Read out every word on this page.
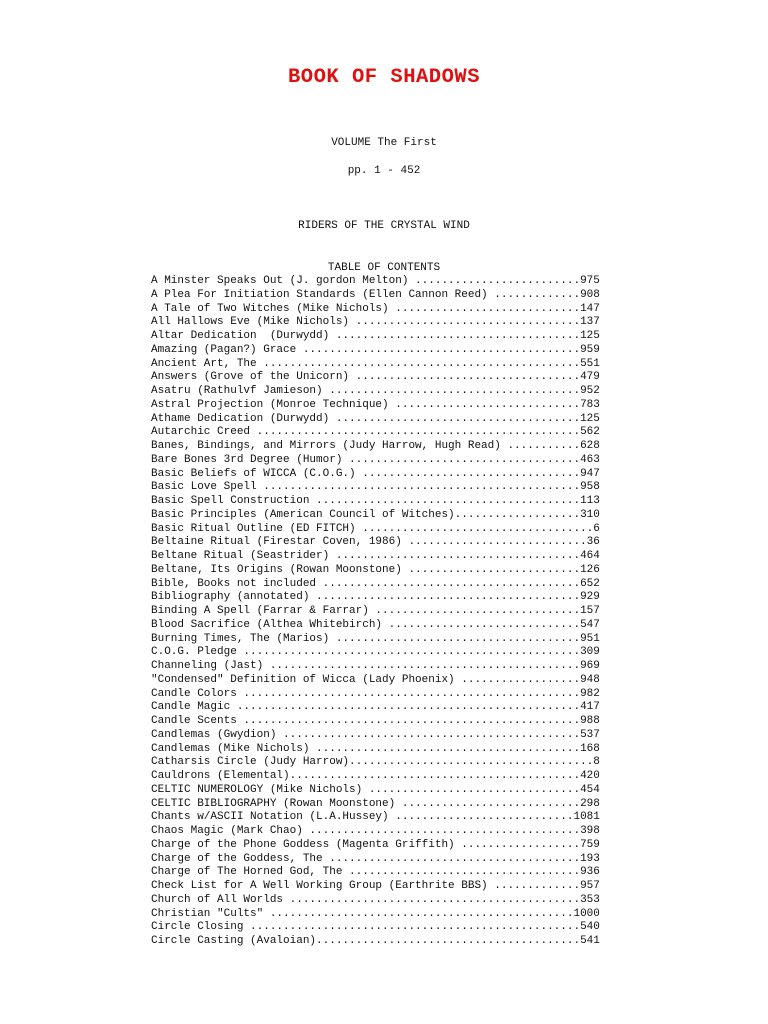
BOOK OF SHADOWS
VOLUME The First
pp. 1 - 452
RIDERS OF THE CRYSTAL WIND
TABLE OF CONTENTS
A Minster Speaks Out (J. gordon Melton) .........................975
A Plea For Initiation Standards (Ellen Cannon Reed) .............908
A Tale of Two Witches (Mike Nichols) ............................147
All Hallows Eve (Mike Nichols) ..................................137
Altar Dedication  (Durwydd) .....................................125
Amazing (Pagan?) Grace ..........................................959
Ancient Art, The ................................................551
Answers (Grove of the Unicorn) ..................................479
Asatru (Rathulvf Jamieson) ......................................952
Astral Projection (Monroe Technique) ............................783
Athame Dedication (Durwydd) .....................................125
Autarchic Creed .................................................562
Banes, Bindings, and Mirrors (Judy Harrow, Hugh Read) ...........628
Bare Bones 3rd Degree (Humor) ...................................463
Basic Beliefs of WICCA (C.O.G.) .................................947
Basic Love Spell ................................................958
Basic Spell Construction ........................................113
Basic Principles (American Council of Witches)...................310
Basic Ritual Outline (ED FITCH) ...................................6
Beltaine Ritual (Firestar Coven, 1986) ...........................36
Beltane Ritual (Seastrider) .....................................464
Beltane, Its Origins (Rowan Moonstone) ..........................126
Bible, Books not included .......................................652
Bibliography (annotated) ........................................929
Binding A Spell (Farrar & Farrar) ...............................157
Blood Sacrifice (Althea Whitebirch) .............................547
Burning Times, The (Marios) .....................................951
C.O.G. Pledge ...................................................309
Channeling (Jast) ...............................................969
"Condensed" Definition of Wicca (Lady Phoenix) ..................948
Candle Colors ...................................................982
Candle Magic ....................................................417
Candle Scents ...................................................988
Candlemas (Gwydion) .............................................537
Candlemas (Mike Nichols) ........................................168
Catharsis Circle (Judy Harrow).....................................8
Cauldrons (Elemental)............................................420
CELTIC NUMEROLOGY (Mike Nichols) ................................454
CELTIC BIBLIOGRAPHY (Rowan Moonstone) ...........................298
Chants w/ASCII Notation (L.A.Hussey) ...........................1081
Chaos Magic (Mark Chao) .........................................398
Charge of the Phone Goddess (Magenta Griffith) ..................759
Charge of the Goddess, The ......................................193
Charge of The Horned God, The ...................................936
Check List for A Well Working Group (Earthrite BBS) .............957
Church of All Worlds ............................................353
Christian "Cults" ..............................................1000
Circle Closing ..................................................540
Circle Casting (Avaloian)........................................541
